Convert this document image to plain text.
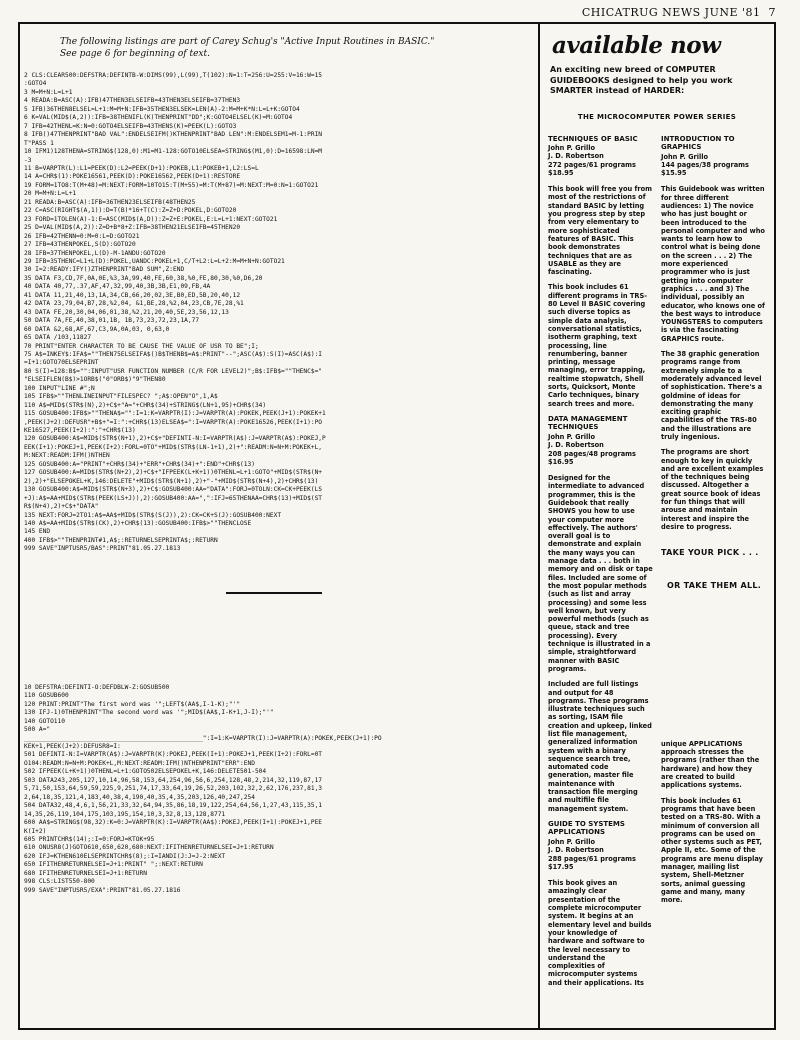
CHICATRUG NEWS JUNE '81  7
The following listings are part of Carey Schug's "Active Input Routines in BASIC."
See page 6 for beginning of text.
2 CLS:CLEAR500:DEFSTRA:DEFINTB-W:DIMS(99),L(99),T(102):N=1:T=256:U=255:V=16:W=15
:GOTO4
3 M=M+N:L=L+1
4 READA:B=ASC(A):IFB)47THEN3ELSEIFB=43THEN3ELSEIFB=37THEN3
5 IFB)36THEN8ELSEL=L+1:M=M+N:IFB=35THEN3ELSEK=LEN(A)-2:M=M+K*N:L=L+K:GOTO4
6 K=VAL(MID$(A,2)):IFB=38THENIFL(K)THENPRINT"DD";K:GOTO4ELSEL(K)=M:GOTO4
7 IFB=42THENL=K:N=0:GOTO4ELSEIFB=43THENS(K)=PEEK(L):GOTO3
8 IFB()47THENPRINT"BAD VAL":ENDELSEIFM()KTHENPRINT"BAD LEN":M:ENDELSEM1=M-1:PRIN
T"PASS 1
10 IFM1)128THENA=STRING$(128,0):M1=M1-128:GOTO10ELSEA=STRING$(M1,0):D=16598:LN=M
-3
11 B=VARPTR(L):L1=PEEK(D):L2=PEEK(D+1):POKEB,L1:POKEB+1,L2:LS=L
14 A=CHR$(1):POKE16561,PEEK(D):POKE16562,PEEK(D+1):RESTORE
19 FORM=1TO8:T(M+48)=M:NEXT:FORM=10TO15:T(M+55)=M:T(M+87)=M:NEXT:M=0:N=1:GOTO21
20 M=M+N:L=L+1
21 READA:B=ASC(A):IFB=36THEN23ELSEIFB(48THEN25
22 C=ASC(RIGHT$(A,1)):D=T(B)*16+T(C):Z=Z+D:POKEL,D:GOTO20
23 FORD=1TOLEN(A)-1:E=ASC(MID$(A,D)):Z=Z+E:POKEL,E:L=L+1:NEXT:GOTO21
25 D=VAL(MID$(A,2)):Z=D+B*8+Z:IFB=38THEN21ELSEIFB=45THEN20
26 IFB=42THENN=0:M=0:L=D:GOTO21
27 IFB=43THENPOKEL,S(D):GOTO20
28 IFB=37THENPOKEL,L(D)-M-1ANDU:GOTO20
29 IFB=35THENC=L1+L(D):POKEL,UANDC:POKEL+1,C/T+L2:L=L+2:M=M+N+N:GOTO21
30 I=2:READY:IFY()ZTHENPRINT"BAD SUM",Z:END
35 DATA F3,CD,7F,0A,0E,%3,3A,99,40,FE,60,38,%0,FE,80,30,%0,D6,20
40 DATA 40,77,.37,AF,47,32,99,40,3B,3B,E1,09,FB,4A
41 DATA 11,21,40,13,1A,34,CB,66,20,02,3E,B0,ED,5B,20,40,12
42 DATA 23,79,04,B7,28,%2,04, &1,BE,28,%2,04,23,CB,7E,28,%1
43 DATA FE,20,30,04,06,01,38,%2,21,20,40,5E,23,56,12,13
50 DATA 7A,FE,40,38,01,1B, 1B,73,23,72,23,1A,77
60 DATA &2,68,AF,67,C3,9A,0A,03, 0,63,0
65 DATA /103,11827
70 PRINT"ENTER CHARACTER TO BE CAUSE THE VALUE OF USR TO BE";I;
75 A$=INKEY$:IFA$=""THEN75ELSEIFA$()B$THENB$=A$:PRINT"--";ASC(A$):S(I)=ASC(A$):I
=I+1:GOTO70ELSEPRINT
80 S(I)=128:B$="":INPUT"USR FUNCTION NUMBER (C/R FOR LEVEL2)";B$:IFB$=""THENC$="
"ELSEIFLEN(B$)>1ORB$("0"ORB$)"9"THEN80
100 INPUT"LINE #";N
105 IFB$>""THENLINEINPUT"FILESPEC? ";A$:OPEN"O",1,A$
110 A$=MID$(STR$(N),2)+C$+"A="+CHR$(34)+STRING$(LN+1,95)+CHR$(34)
115 GOSUB400:IFB$>""THENA$="":I=1:K=VARPTR(I):J=VARPTR(A):POKEK,PEEK(J+1):POKEK+1
,PEEK(J+2):DEFUSR"+B$+"=I:":+CHR$(13)ELSEA$=":I=VARPTR(A):POKE16526,PEEK(I+1):PO
KE16527,PEEK(I+2):":"+CHR$(13)
120 GOSUB400:A$=MID$(STR$(N+1),2)+C$+"DEFINTI-N:I=VARPTR(A$):J=VARPTR(A$):POKEJ,P
EEK(I+1):POKEJ+1,PEEK(I+2):FORL=0TO"+MID$(STR$(LN-1+1),2)+":READM:N=N+M:POKEK+L,
M:NEXT:READM:IFM()NTHEN
125 GOSUB400:A="PRINT"+CHR$(34)+"ERR"+CHR$(34)+":END"+CHR$(13)
127 GOSUB400:A=MID$(STR$(N+2),2)+C$+"IFPEEK(L+K+1))0THENL=L+1:GOTO"+MID$(STR$(N+
2),2)+"ELSEPOKEL+K,146:DELETE"+MID$(STR$(N+1),2)+"-"+MID$(STR$(N+4),2)+CHR$(13)
130 GOSUB400:A$=MID$(STR$(N+3),2)+C$:GOSUB400:AA="DATA":FORJ=0TOLN:CK=CK+PEEK(LS
+J):A$=AA+MID$(STR$(PEEK(LS+J)),2):GOSUB400:AA=",":IFJ=65THENAA=CHR$(13)+MID$(ST
R$(N+4),2)+C$+"DATA"
135 NEXT:FORJ=2TO1:A$=AA$+MID$(STR$(S(J)),2):CK=CK+S(J):GOSUB400:NEXT
140 A$=AA+MID$(STR$(CK),2)+CHR$(13):GOSUB400:IFB$>""THENCLOSE
145 END
400 IFB$>""THENPRINT#1,A$;:RETURNELSEPRINTA$;:RETURN
999 SAVE"INPTUSR5/BAS":PRINT"81.05.27.1813
10 DEFSTRA:DEFINTI-O:DEFDBLW-Z:GOSUB500
110 GOSUB600
120 PRINT:PRINT"The first word was '";LEFT$(AA$,I-1-K);"'"
130 IFJ-1)0THENPRINT"The second word was '";MID$(AA$,I-K+1,J-I);"'"
140 GOTO110
500 A="
________________________________________________":I=1:K=VARPTR(I):J=VARPTR(A):POKEK,PEEK(J+1):PO
KEK+1,PEEK(J+2):DEFUSR8=I:
501 DEFINTI-N:I=VARPTR(A$):J=VARPTR(K):POKEJ,PEEK(I+1):POKEJ+1,PEEK(I+2):FORL=0T
O104:READM:N=N+M:POKEK+L,M:NEXT:READM:IFM()NTHENPRINT"ERR":END
502 IFPEEK(L+K+1))0THENL=L+1:GOTO502ELSEPOKEL+K,146:DELETE501-504
503 DATA243,205,127,10,14,96,58,153,64,254,96,56,6,254,128,48,2,214,32,119,87,17
5,71,50,153,64,59,59,225,9,251,74,17,33,64,19,26,52,203,102,32,2,62,176,237,81,3
2,64,18,35,121,4,183,40,38,4,190,40,35,4,35,203,126,40,247,254
504 DATA32,48,4,6,1,56,21,33,32,64,94,35,86,18,19,122,254,64,56,1,27,43,115,35,1
14,35,26,119,104,175,103,195,154,10,3,32,8,13,128,8771
600 AA$=STRING$(98,32):K=0:J=VARPTR(K):I=VARPTR(AA$):POKEJ,PEEK(I+1):POKEJ+1,PEE
K(I+2)
605 PRINTCHR$(14);:I=0:FORJ=KTOK+95
610 ONUSR8(J)GOTO610,650,620,680:NEXT:IFITHENRETURNELSEI=J+1:RETURN
620 IFJ=KTHEN610ELSEPRINTCHR$(8);:I=IANDI(J:J=J-2:NEXT
650 IFITHENRETURNELSEI=J+1:PRINT" ";:NEXT:RETURN
680 IFITHENRETURNELSEI=J+1:RETURN
998 CLS:LIST550-800
999 SAVE"INPTUSR5/EXA":PRINT"81.05.27.1816
available now
An exciting new breed of COMPUTER GUIDEBOOKS designed to help you work SMARTER instead of HARDER:
THE MICROCOMPUTER POWER SERIES
TECHNIQUES OF BASIC
John P. Grillo
J. D. Robertson
272 pages/61 programs
$18.95

This book will free you from most of the restrictions of standard BASIC by letting you progress step by step from very elementary to more sophisticated features of BASIC. This book demonstrates techniques that are as USABLE as they are fascinating.

This book includes 61 different programs in TRS-80 Level II BASIC covering such diverse topics as simple data analysis, conversational statistics, isotherm graphing, text processing, line renumbering, banner printing, message managing, error trapping, realtime stopwatch, Shell sorts, Quicksort, Monte Carlo techniques, binary search trees and more.

DATA MANAGEMENT TECHNIQUES
John P. Grillo
J. D. Robertson
208 pages/48 programs
$16.95

Designed for the intermediate to advanced programmer, this is the Guidebook that really SHOWS you how to use your computer more effectively. The authors' overall goal is to demonstrate and explain the many ways you can manage data . . . both in memory and on disk or tape files. Included are some of the most popular methods (such as list and array processing) and some less well known, but very powerful methods (such as queue, stack and tree processing). Every technique is illustrated in a simple, straightforward manner with BASIC programs.

Included are full listings and output for 48 programs. These programs illustrate techniques such as sorting, ISAM file creation and upkeep, linked list file management, generalized information system with a binary sequence search tree, automated code generation, master file maintenance with transaction file merging and multifile file management system.

GUIDE TO SYSTEMS APPLICATIONS
John P. Grillo
J. D. Robertson
288 pages/61 programs
$17.95

This book gives an amazingly clear presentation of the complete microcomputer system. It begins at an elementary level and builds your knowledge of hardware and software to the level necessary to understand the complexities of microcomputer systems and their applications. Its

INTRODUCTION TO GRAPHICS
John P. Grillo
144 pages/38 programs
$15.95

This Guidebook was written for three different audiences: 1) The novice who has just bought or been introduced to the personal computer and who wants to learn how to control what is being done on the screen . . . 2) The more experienced programmer who is just getting into computer graphics . . . and 3) The individual, possibly an educator, who knows one of the best ways to introduce YOUNGSTERS to computers is via the fascinating GRAPHICS route.

The 38 graphic generation programs range from extremely simple to a moderately advanced level of sophistication. There's a goldmine of ideas for demonstrating the many exciting graphic capabilities of the TRS-80 and the illustrations are truly ingenious.

The programs are short enough to key in quickly and are excellent examples of the techniques being discussed. Altogether a great source book of ideas for fun things that will arouse and maintain interest and inspire the desire to progress.

TAKE YOUR PICK . . .
OR TAKE THEM ALL.

unique APPLICATIONS approach stresses the programs (rather than the hardware) and how they are created to build applications systems.

This book includes 61 programs that have been tested on a TRS-80. With a minimum of conversion all programs can be used on other systems such as PET, Apple II, etc. Some of the programs are menu display manager, mailing list system, Shell-Metzner sorts, animal guessing game and many, many more.
